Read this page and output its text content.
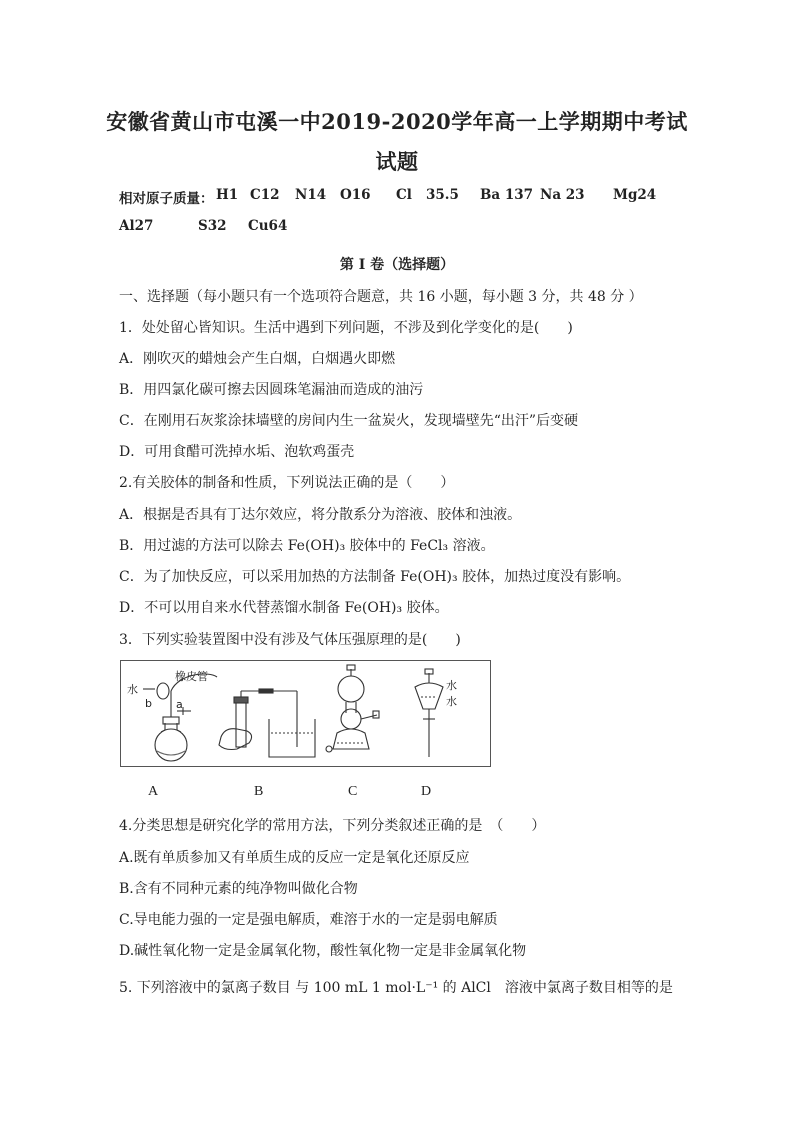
安徽省黄山市屯溪一中2019-2020学年高一上学期期中考试
试题
相对原子质量： H1 C12 N14 O16 Cl 35.5 Ba 137 Na 23 Mg24
Al27	S32 Cu64
第 I 卷（选择题）
一、选择题（每小题只有一个选项符合题意，共 16 小题，每小题 3 分，共 48 分 ）
1．处处留心皆知识。生活中遇到下列问题，不涉及到化学变化的是(　　)
A．刚吹灭的蜡烛会产生白烟，白烟遇火即燃
B．用四氯化碳可擦去因圆珠笔漏油而造成的油污
C．在刚用石灰浆涂抹墙壁的房间内生一盆炭火，发现墙壁先“出汗”后变硬
D．可用食醋可洗掉水垢、泡软鸡蛋壳
2.有关胶体的制备和性质，下列说法正确的是（　　）
A．根据是否具有丁达尔效应，将分散系分为溶液、胶体和浊液。
B．用过滤的方法可以除去 Fe(OH)₃ 胶体中的 FeCl₃ 溶液。
C．为了加快反应，可以采用加热的方法制备 Fe(OH)₃ 胶体，加热过度没有影响。
D．不可以用自来水代替蒸馏水制备 Fe(OH)₃ 胶体。
3．下列实验装置图中没有涉及气体压强原理的是(　　)
水
橡皮管
b a
水
水
A	B	C	D
4.分类思想是研究化学的常用方法，下列分类叙述正确的是　（　　）
A.既有单质参加又有单质生成的反应一定是氧化还原反应
B.含有不同种元素的纯净物叫做化合物
C.导电能力强的一定是强电解质，难溶于水的一定是弱电解质
D.碱性氧化物一定是金属氧化物，酸性氧化物一定是非金属氧化物
5. 下列溶液中的氯离子数目 与 100 mL 1 mol·L⁻¹ 的 AlCl　溶液中氯离子数目相等的是
